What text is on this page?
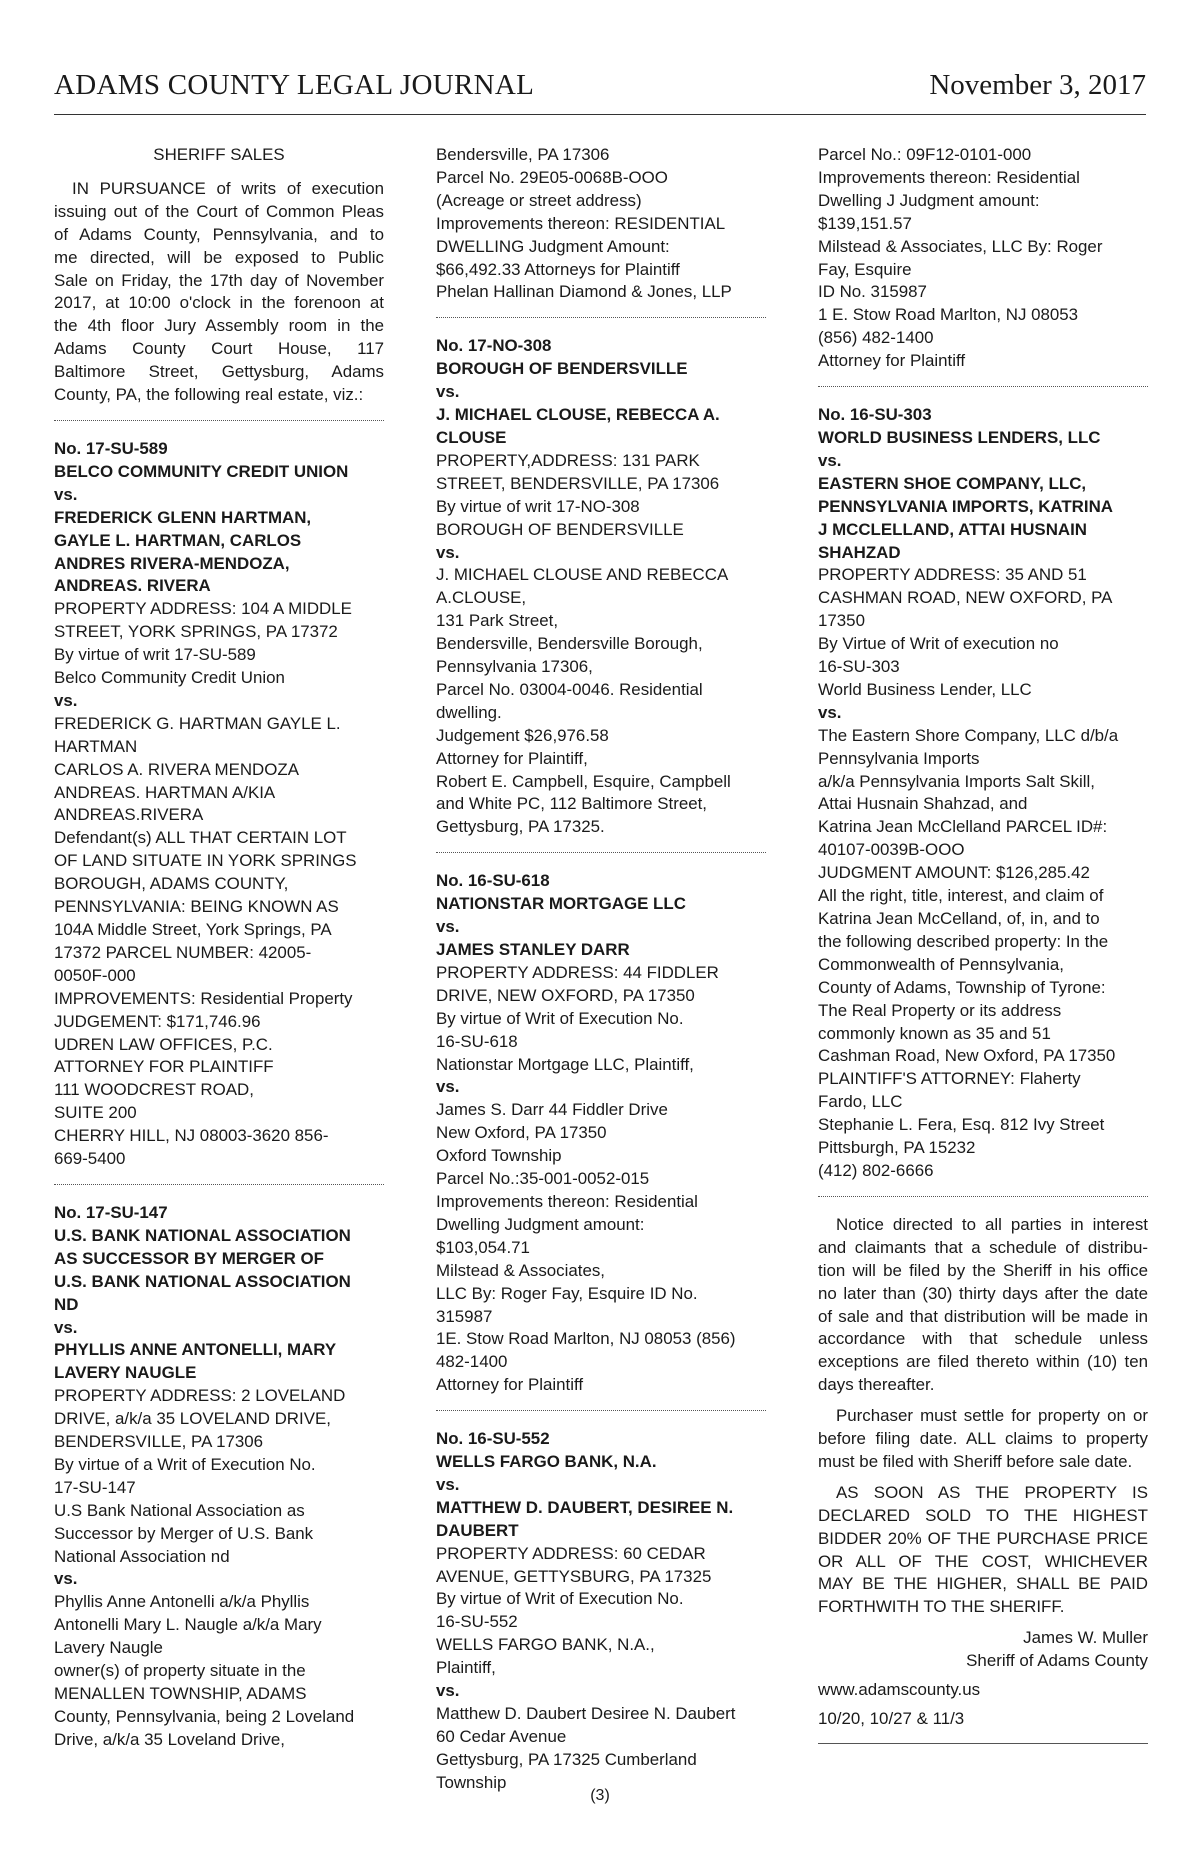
ADAMS COUNTY LEGAL JOURNAL	November 3, 2017
SHERIFF SALES
IN PURSUANCE of writs of execution
issuing out of the Court of Common Pleas
of Adams County, Pennsylvania, and to
me directed, will be exposed to Public
Sale on Friday, the 17th day of November
2017, at 10:00 o'clock in the forenoon at
the 4th floor Jury Assembly room in the
Adams County Court House, 117
Baltimore Street, Gettysburg, Adams
County, PA, the following real estate, viz.:
No. 17-SU-589
BELCO COMMUNITY CREDIT UNION
vs.
FREDERICK GLENN HARTMAN,
GAYLE L. HARTMAN, CARLOS
ANDRES RIVERA-MENDOZA,
ANDREAS. RIVERA
PROPERTY ADDRESS: 104 A MIDDLE
STREET, YORK SPRINGS, PA 17372
By virtue of writ 17-SU-589
Belco Community Credit Union
vs.
FREDERICK G. HARTMAN GAYLE L.
HARTMAN
CARLOS A. RIVERA MENDOZA
ANDREAS. HARTMAN A/KIA
ANDREAS.RIVERA
Defendant(s) ALL THAT CERTAIN LOT
OF LAND SITUATE IN YORK SPRINGS
BOROUGH, ADAMS COUNTY,
PENNSYLVANIA: BEING KNOWN AS
104A Middle Street, York Springs, PA
17372 PARCEL NUMBER: 42005-
0050F-000
IMPROVEMENTS: Residential Property
JUDGEMENT: $171,746.96
UDREN LAW OFFICES, P.C.
ATTORNEY FOR PLAINTIFF
111 WOODCREST ROAD,
SUITE 200
CHERRY HILL, NJ 08003-3620 856-
669-5400
No. 17-SU-147
U.S. BANK NATIONAL ASSOCIATION
AS SUCCESSOR BY MERGER OF
U.S. BANK NATIONAL ASSOCIATION
ND
vs.
PHYLLIS ANNE ANTONELLI, MARY
LAVERY NAUGLE
PROPERTY ADDRESS: 2 LOVELAND
DRIVE, a/k/a 35 LOVELAND DRIVE,
BENDERSVILLE, PA 17306
By virtue of a Writ of Execution No.
17-SU-147
U.S Bank National Association as
Successor by Merger of U.S. Bank
National Association nd
vs.
Phyllis Anne Antonelli a/k/a Phyllis
Antonelli Mary L. Naugle a/k/a Mary
Lavery Naugle
owner(s) of property situate in the
MENALLEN TOWNSHIP, ADAMS
County, Pennsylvania, being 2 Loveland
Drive, a/k/a 35 Loveland Drive,
Bendersville, PA 17306
Parcel No. 29E05-0068B-OOO
(Acreage or street address)
Improvements thereon: RESIDENTIAL
DWELLING Judgment Amount:
$66,492.33 Attorneys for Plaintiff
Phelan Hallinan Diamond & Jones, LLP
No. 17-NO-308
BOROUGH OF BENDERSVILLE
vs.
J. MICHAEL CLOUSE, REBECCA A.
CLOUSE
PROPERTY,ADDRESS: 131 PARK
STREET, BENDERSVILLE, PA 17306
By virtue of writ 17-NO-308
BOROUGH OF BENDERSVILLE
vs.
J. MICHAEL CLOUSE AND REBECCA
A.CLOUSE,
131 Park Street,
Bendersville, Bendersville Borough,
Pennsylvania 17306,
Parcel No. 03004-0046. Residential
dwelling.
Judgement $26,976.58
Attorney for Plaintiff,
Robert E. Campbell, Esquire, Campbell
and White PC, 112 Baltimore Street,
Gettysburg, PA 17325.
No. 16-SU-618
NATIONSTAR MORTGAGE LLC
vs.
JAMES STANLEY DARR
PROPERTY ADDRESS: 44 FIDDLER
DRIVE, NEW OXFORD, PA 17350
By virtue of Writ of Execution No.
16-SU-618
Nationstar Mortgage LLC, Plaintiff,
vs.
James S. Darr 44 Fiddler Drive
New Oxford, PA 17350
Oxford Township
Parcel No.:35-001-0052-015
Improvements thereon: Residential
Dwelling Judgment amount:
$103,054.71
Milstead & Associates,
LLC By: Roger Fay, Esquire ID No.
315987
1E. Stow Road Marlton, NJ 08053 (856)
482-1400
Attorney for Plaintiff
No. 16-SU-552
WELLS FARGO BANK, N.A.
vs.
MATTHEW D. DAUBERT, DESIREE N.
DAUBERT
PROPERTY ADDRESS: 60 CEDAR
AVENUE, GETTYSBURG, PA 17325
By virtue of Writ of Execution No.
16-SU-552
WELLS FARGO BANK, N.A.,
Plaintiff,
vs.
Matthew D. Daubert Desiree N. Daubert
60 Cedar Avenue
Gettysburg, PA 17325 Cumberland
Township
Parcel No.: 09F12-0101-000
Improvements thereon: Residential
Dwelling J Judgment amount:
$139,151.57
Milstead & Associates, LLC By: Roger
Fay, Esquire
ID No. 315987
1 E. Stow Road Marlton, NJ 08053
(856) 482-1400
Attorney for Plaintiff
No. 16-SU-303
WORLD BUSINESS LENDERS, LLC
vs.
EASTERN SHOE COMPANY, LLC,
PENNSYLVANIA IMPORTS, KATRINA
J MCCLELLAND, ATTAI HUSNAIN
SHAHZAD
PROPERTY ADDRESS: 35 AND 51
CASHMAN ROAD, NEW OXFORD, PA
17350
By Virtue of Writ of execution no
16-SU-303
World Business Lender, LLC
vs.
The Eastern Shore Company, LLC d/b/a
Pennsylvania Imports
a/k/a Pennsylvania Imports Salt Skill,
Attai Husnain Shahzad, and
Katrina Jean McClelland PARCEL ID#:
40107-0039B-OOO
JUDGMENT AMOUNT: $126,285.42
All the right, title, interest, and claim of
Katrina Jean McCelland, of, in, and to
the following described property: In the
Commonwealth of Pennsylvania,
County of Adams, Township of Tyrone:
The Real Property or its address
commonly known as 35 and 51
Cashman Road, New Oxford, PA 17350
PLAINTIFF'S ATTORNEY: Flaherty
Fardo, LLC
Stephanie L. Fera, Esq. 812 Ivy Street
Pittsburgh, PA 15232
(412) 802-6666
Notice directed to all parties in interest
and claimants that a schedule of distribu-
tion will be filed by the Sheriff in his office
no later than (30) thirty days after the date
of sale and that distribution will be made in
accordance with that schedule unless
exceptions are filed thereto within (10) ten
days thereafter.
Purchaser must settle for property on or
before filing date. ALL claims to property
must be filed with Sheriff before sale date.
AS SOON AS THE PROPERTY IS
DECLARED SOLD TO THE HIGHEST
BIDDER 20% OF THE PURCHASE PRICE
OR ALL OF THE COST, WHICHEVER
MAY BE THE HIGHER, SHALL BE PAID
FORTHWITH TO THE SHERIFF.
James W. Muller
Sheriff of Adams County
www.adamscounty.us
10/20, 10/27 & 11/3
(3)
